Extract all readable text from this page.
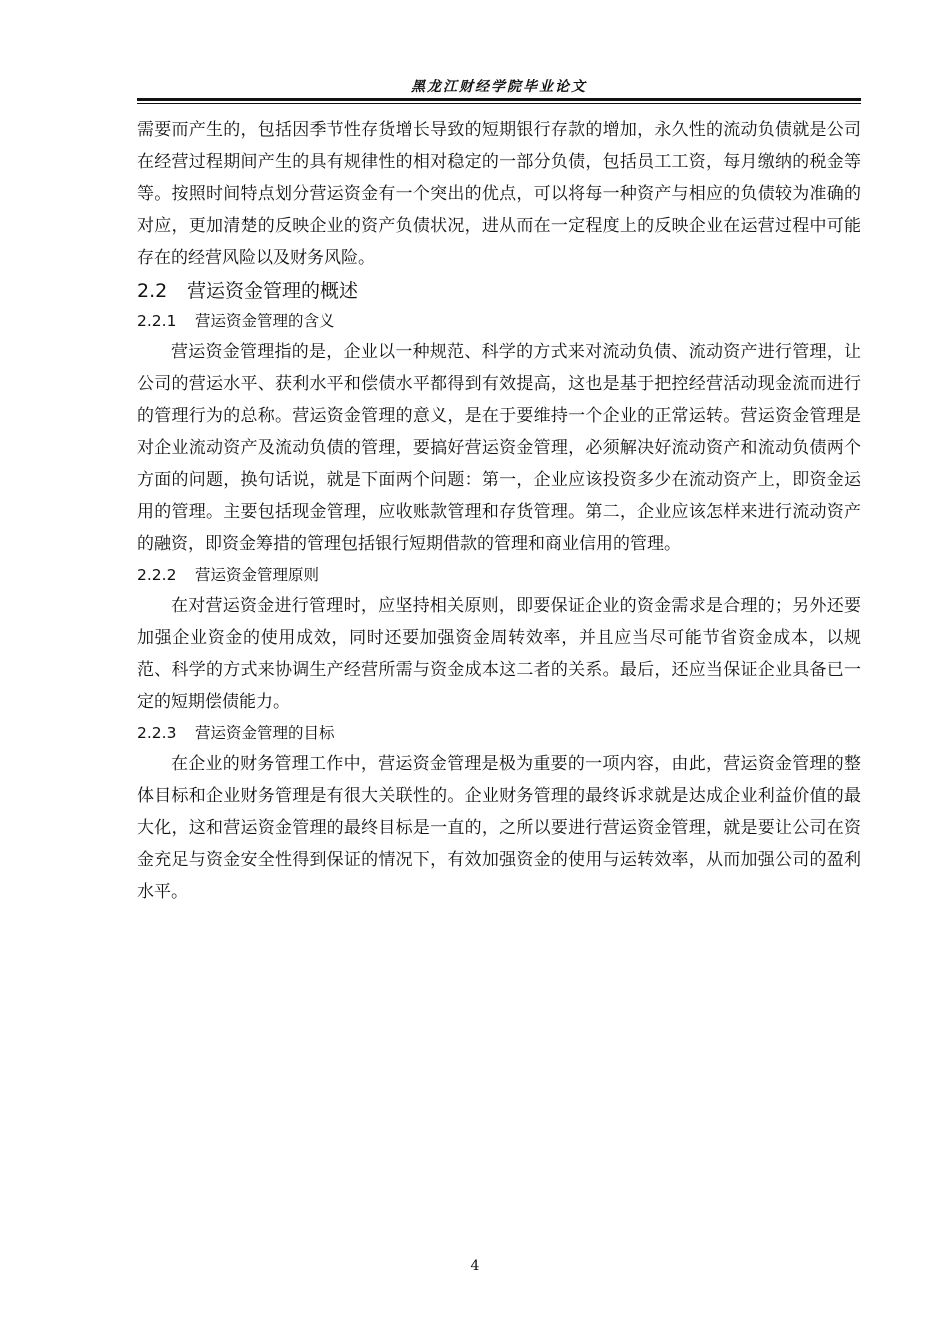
黑龙江财经学院毕业论文

需要而产生的，包括因季节性存货增长导致的短期银行存款的增加，永久性的流动负债就是公司在经营过程期间产生的具有规律性的相对稳定的一部分负债，包括员工工资，每月缴纳的税金等等。按照时间特点划分营运资金有一个突出的优点，可以将每一种资产与相应的负债较为准确的对应，更加清楚的反映企业的资产负债状况，进从而在一定程度上的反映企业在运营过程中可能存在的经营风险以及财务风险。

2.2 营运资金管理的概述
2.2.1 营运资金管理的含义

营运资金管理指的是，企业以一种规范、科学的方式来对流动负债、流动资产进行管理，让公司的营运水平、获利水平和偿债水平都得到有效提高，这也是基于把控经营活动现金流而进行的管理行为的总称。营运资金管理的意义，是在于要维持一个企业的正常运转。营运资金管理是对企业流动资产及流动负债的管理，要搞好营运资金管理，必须解决好流动资产和流动负债两个方面的问题，换句话说，就是下面两个问题：第一，企业应该投资多少在流动资产上，即资金运用的管理。主要包括现金管理，应收账款管理和存货管理。第二，企业应该怎样来进行流动资产的融资，即资金筹措的管理包括银行短期借款的管理和商业信用的管理。

2.2.2 营运资金管理原则

在对营运资金进行管理时，应坚持相关原则，即要保证企业的资金需求是合理的；另外还要加强企业资金的使用成效，同时还要加强资金周转效率，并且应当尽可能节省资金成本，以规范、科学的方式来协调生产经营所需与资金成本这二者的关系。最后，还应当保证企业具备已一定的短期偿债能力。

2.2.3 营运资金管理的目标

在企业的财务管理工作中，营运资金管理是极为重要的一项内容，由此，营运资金管理的整体目标和企业财务管理是有很大关联性的。企业财务管理的最终诉求就是达成企业利益价值的最大化，这和营运资金管理的最终目标是一直的，之所以要进行营运资金管理，就是要让公司在资金充足与资金安全性得到保证的情况下，有效加强资金的使用与运转效率，从而加强公司的盈利水平。

4
